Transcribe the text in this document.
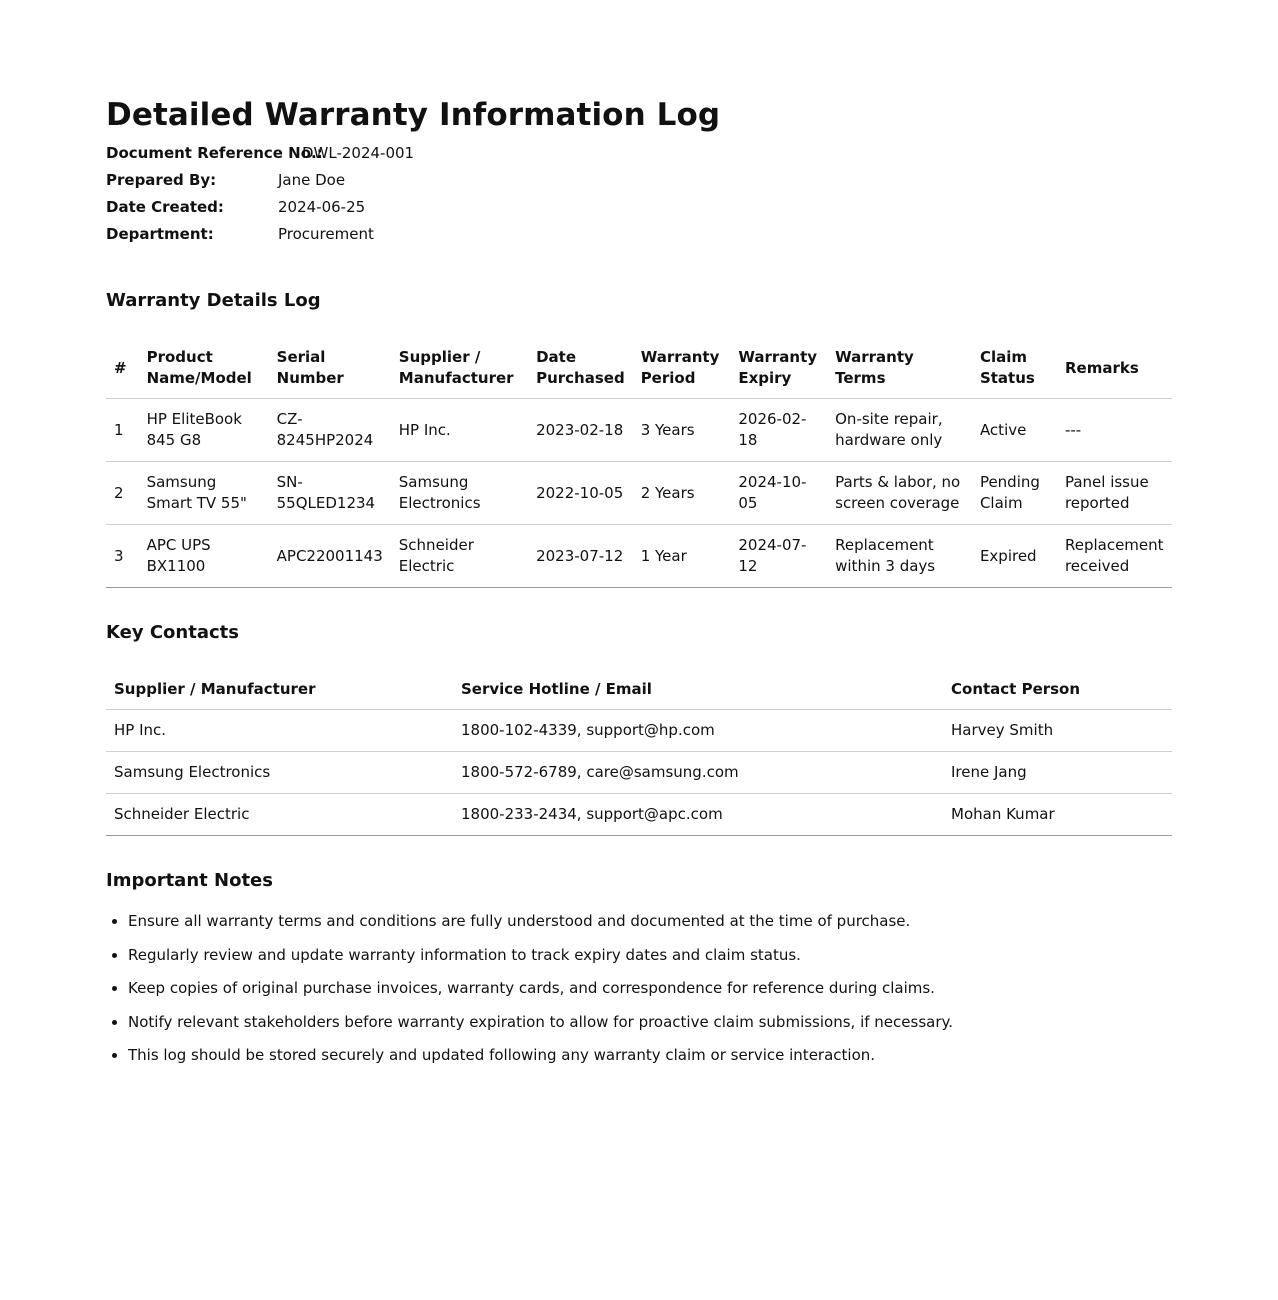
Detailed Warranty Information Log
Document Reference No.:
DWL-2024-001
Prepared By:	Jane Doe
Date Created:	2024-06-25
Department:	Procurement
Warranty Details Log
#	Product Name/Model	Serial Number	Supplier / Manufacturer	Date Purchased	Warranty Period	Warranty Expiry	Warranty Terms	Claim Status	Remarks
1	HP EliteBook 845 G8	CZ-8245HP2024	HP Inc.	2023-02-18	3 Years	2026-02-18	On-site repair, hardware only	Active	---
2	Samsung Smart TV 55"	SN-55QLED1234	Samsung Electronics	2022-10-05	2 Years	2024-10-05	Parts & labor, no screen coverage	Pending Claim	Panel issue reported
3	APC UPS BX1100	APC22001143	Schneider Electric	2023-07-12	1 Year	2024-07-12	Replacement within 3 days	Expired	Replacement received
Key Contacts
Supplier / Manufacturer	Service Hotline / Email	Contact Person
HP Inc.	1800-102-4339, support@hp.com	Harvey Smith
Samsung Electronics	1800-572-6789, care@samsung.com	Irene Jang
Schneider Electric	1800-233-2434, support@apc.com	Mohan Kumar
Important Notes
• Ensure all warranty terms and conditions are fully understood and documented at the time of purchase.
• Regularly review and update warranty information to track expiry dates and claim status.
• Keep copies of original purchase invoices, warranty cards, and correspondence for reference during claims.
• Notify relevant stakeholders before warranty expiration to allow for proactive claim submissions, if necessary.
• This log should be stored securely and updated following any warranty claim or service interaction.
